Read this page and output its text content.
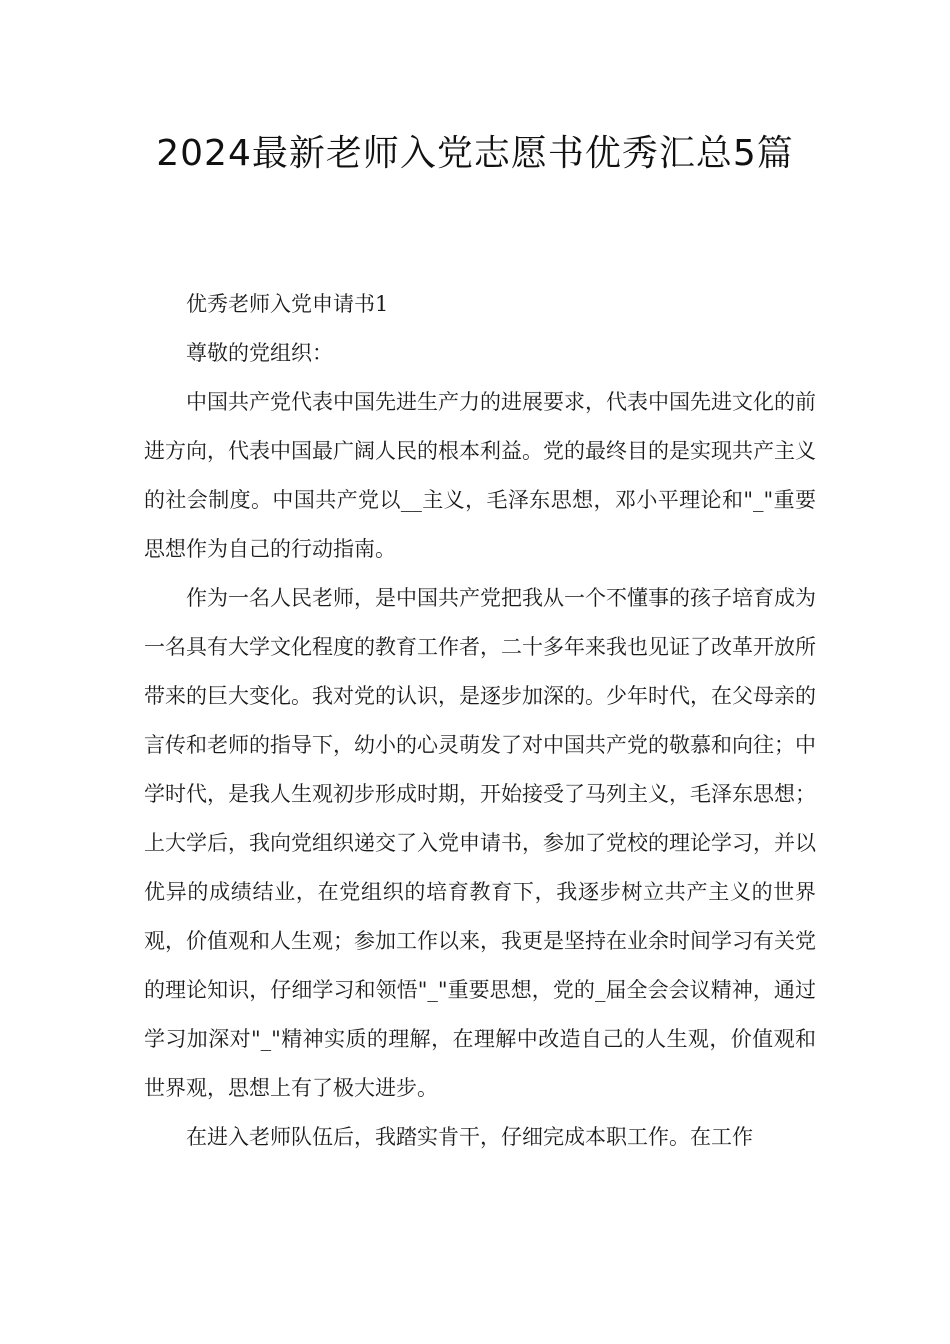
2024最新老师入党志愿书优秀汇总5篇

优秀老师入党申请书1

尊敬的党组织：

中国共产党代表中国先进生产力的进展要求，代表中国先进文化的前进方向，代表中国最广阔人民的根本利益。党的最终目的是实现共产主义的社会制度。中国共产党以__主义，毛泽东思想，邓小平理论和"_"重要思想作为自己的行动指南。

作为一名人民老师，是中国共产党把我从一个不懂事的孩子培育成为一名具有大学文化程度的教育工作者，二十多年来我也见证了改革开放所带来的巨大变化。我对党的认识，是逐步加深的。少年时代，在父母亲的言传和老师的指导下，幼小的心灵萌发了对中国共产党的敬慕和向往；中学时代，是我人生观初步形成时期，开始接受了马列主义，毛泽东思想；上大学后，我向党组织递交了入党申请书，参加了党校的理论学习，并以优异的成绩结业，在党组织的培育教育下，我逐步树立共产主义的世界观，价值观和人生观；参加工作以来，我更是坚持在业余时间学习有关党的理论知识，仔细学习和领悟"_"重要思想，党的_届全会会议精神，通过学习加深对"_"精神实质的理解，在理解中改造自己的人生观，价值观和世界观，思想上有了极大进步。

在进入老师队伍后，我踏实肯干，仔细完成本职工作。在工作
